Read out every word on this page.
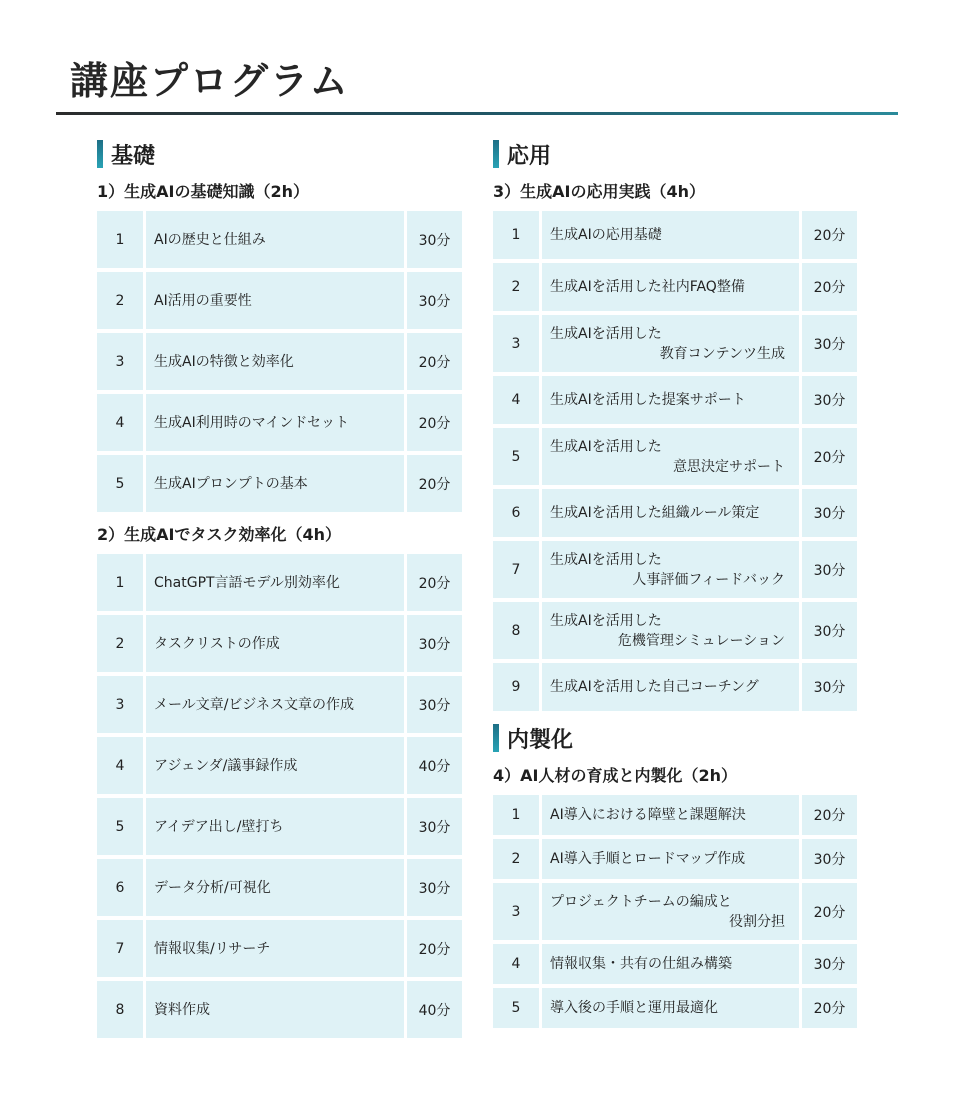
講座プログラム
基礎
1）生成AIの基礎知識（2h）
1	AIの歴史と仕組み	30分
2	AI活用の重要性	30分
3	生成AIの特徴と効率化	20分
4	生成AI利用時のマインドセット	20分
5	生成AIプロンプトの基本	20分
2）生成AIでタスク効率化（4h）
1	ChatGPT言語モデル別効率化	20分
2	タスクリストの作成	30分
3	メール文章/ビジネス文章の作成	30分
4	アジェンダ/議事録作成	40分
5	アイデア出し/壁打ち	30分
6	データ分析/可視化	30分
7	情報収集/リサーチ	20分
8	資料作成	40分
応用
3）生成AIの応用実践（4h）
1	生成AIの応用基礎	20分
2	生成AIを活用した社内FAQ整備	20分
3	生成AIを活用した
教育コンテンツ生成	30分
4	生成AIを活用した提案サポート	30分
5	生成AIを活用した
意思決定サポート	20分
6	生成AIを活用した組織ルール策定	30分
7	生成AIを活用した
人事評価フィードバック	30分
8	生成AIを活用した
危機管理シミュレーション	30分
9	生成AIを活用した自己コーチング	30分
内製化
4）AI人材の育成と内製化（2h）
1	AI導入における障壁と課題解決	20分
2	AI導入手順とロードマップ作成	30分
3	プロジェクトチームの編成と
役割分担	20分
4	情報収集・共有の仕組み構築	30分
5	導入後の手順と運用最適化	20分
